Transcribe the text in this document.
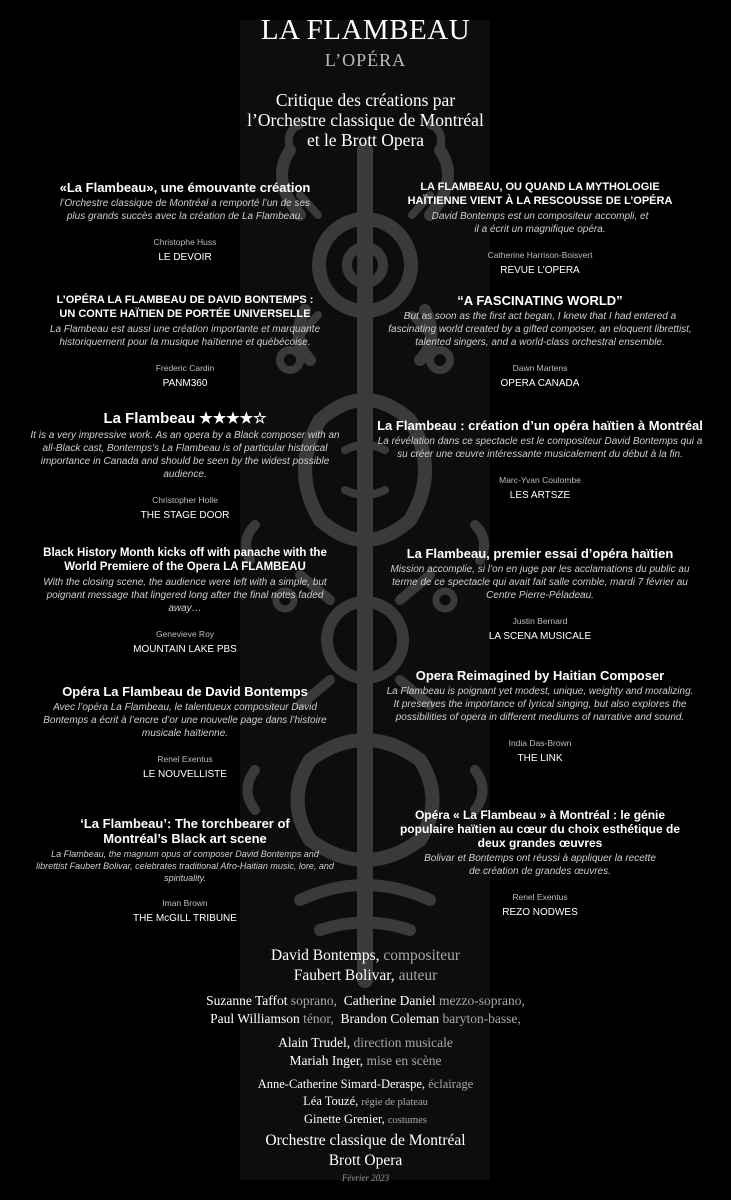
LA FLAMBEAU
L’OPÉRA
Critique des créations par
l’Orchestre classique de Montréal
et le Brott Opera

«La Flambeau», une émouvante création

l’Orchestre classique de Montréal a remporté l’un de ses plus grands succès avec la création de La Flambeau.

Christophe Huss
LE DEVOIR

LA FLAMBEAU, OU QUAND LA MYTHOLOGIE HAÏTIENNE VIENT À LA RESCOUSSE DE L’OPÉRA

David Bontemps est un compositeur accompli, et il a écrit un magnifique opéra.

Catherine Harrison-Boisvert
REVUE L’OPERA

L’OPÉRA LA FLAMBEAU DE DAVID BONTEMPS : UN CONTE HAÏTIEN DE PORTÉE UNIVERSELLE

La Flambeau est aussi une création importante et marquante historiquement pour la musique haïtienne et québécoise.

Frederic Cardin
PANM360

“A FASCINATING WORLD”

But as soon as the first act began, I knew that I had entered a fascinating world created by a gifted composer, an eloquent librettist, talented singers, and a world-class orchestral ensemble.

Dawn Martens
OPERA CANADA

La Flambeau ★★★★☆

It is a very impressive work. As an opera by a Black composer with an all-Black cast, Bontemps’s La Flambeau is of particular historical importance in Canada and should be seen by the widest possible audience.

Christopher Hoile
THE STAGE DOOR

La Flambeau : création d’un opéra haïtien à Montréal

La révélation dans ce spectacle est le compositeur David Bontemps qui a su créer une œuvre intéressante musicalement du début à la fin.

Marc-Yvan Coulombe
LES ARTSZE

Black History Month kicks off with panache with the World Premiere of the Opera LA FLAMBEAU

With the closing scene, the audience were left with a simple, but poignant message that lingered long after the final notes faded away…

Genevieve Roy
MOUNTAIN LAKE PBS

La Flambeau, premier essai d’opéra haïtien

Mission accomplie, si l’on en juge par les acclamations du public au terme de ce spectacle qui avait fait salle comble, mardi 7 février au Centre Pierre-Péladeau.

Justin Bernard
LA SCENA MUSICALE

Opéra La Flambeau de David Bontemps

Avec l’opéra La Flambeau, le talentueux compositeur David Bontemps a écrit à l’encre d’or une nouvelle page dans l’histoire musicale haïtienne.

Renel Exentus
LE NOUVELLISTE

Opera Reimagined by Haitian Composer

La Flambeau is poignant yet modest, unique, weighty and moralizing. It preserves the importance of lyrical singing, but also explores the possibilities of opera in different mediums of narrative and sound.

India Das-Brown
THE LINK

‘La Flambeau’: The torchbearer of Montréal’s Black art scene

La Flambeau, the magnum opus of composer David Bontemps and librettist Faubert Bolivar, celebrates traditional Afro-Haitian music, lore, and spirituality.

Iman Brown
THE McGILL TRIBUNE

Opéra « La Flambeau » à Montréal : le génie populaire haïtien au cœur du choix esthétique de deux grandes œuvres

Bolivar et Bontemps ont réussi à appliquer la recette de création de grandes œuvres.

Renel Exentus
REZO NODWES

David Bontemps, compositeur

Faubert Bolivar, auteur

Suzanne Taffot soprano, Catherine Daniel mezzo-soprano,

Paul Williamson ténor, Brandon Coleman baryton-basse,

Alain Trudel, direction musicale

Mariah Inger, mise en scène

Anne-Catherine Simard-Deraspe, éclairage

Léa Touzé, régie de plateau

Ginette Grenier, costumes

Orchestre classique de Montréal

Brott Opera

Février 2023
